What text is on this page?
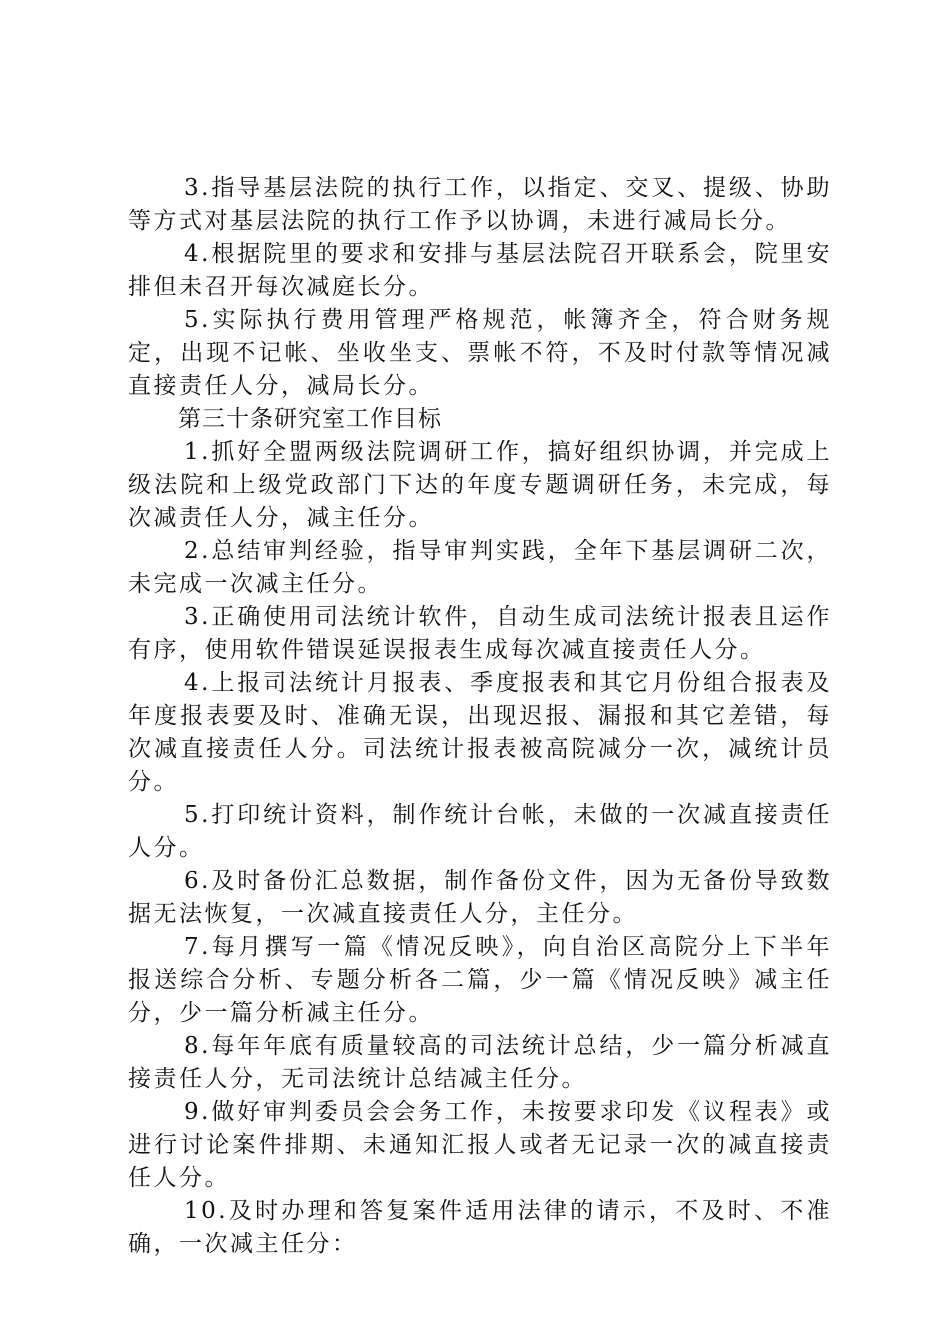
3.指导基层法院的执行工作，以指定、交叉、提级、协助等方式对基层法院的执行工作予以协调，未进行减局长分。

4.根据院里的要求和安排与基层法院召开联系会，院里安排但未召开每次减庭长分。

5.实际执行费用管理严格规范，帐簿齐全，符合财务规定，出现不记帐、坐收坐支、票帐不符，不及时付款等情况减直接责任人分，减局长分。

第三十条研究室工作目标

1.抓好全盟两级法院调研工作，搞好组织协调，并完成上级法院和上级党政部门下达的年度专题调研任务，未完成，每次减责任人分，减主任分。

2.总结审判经验，指导审判实践，全年下基层调研二次，未完成一次减主任分。

3.正确使用司法统计软件，自动生成司法统计报表且运作有序，使用软件错误延误报表生成每次减直接责任人分。

4.上报司法统计月报表、季度报表和其它月份组合报表及年度报表要及时、准确无误，出现迟报、漏报和其它差错，每次减直接责任人分。司法统计报表被高院减分一次，减统计员分。

5.打印统计资料，制作统计台帐，未做的一次减直接责任人分。

6.及时备份汇总数据，制作备份文件，因为无备份导致数据无法恢复，一次减直接责任人分，主任分。

7.每月撰写一篇《情况反映》，向自治区高院分上下半年报送综合分析、专题分析各二篇，少一篇《情况反映》减主任分，少一篇分析减主任分。

8.每年年底有质量较高的司法统计总结，少一篇分析减直接责任人分，无司法统计总结减主任分。

9.做好审判委员会会务工作，未按要求印发《议程表》或进行讨论案件排期、未通知汇报人或者无记录一次的减直接责任人分。

10.及时办理和答复案件适用法律的请示，不及时、不准确，一次减主任分：
